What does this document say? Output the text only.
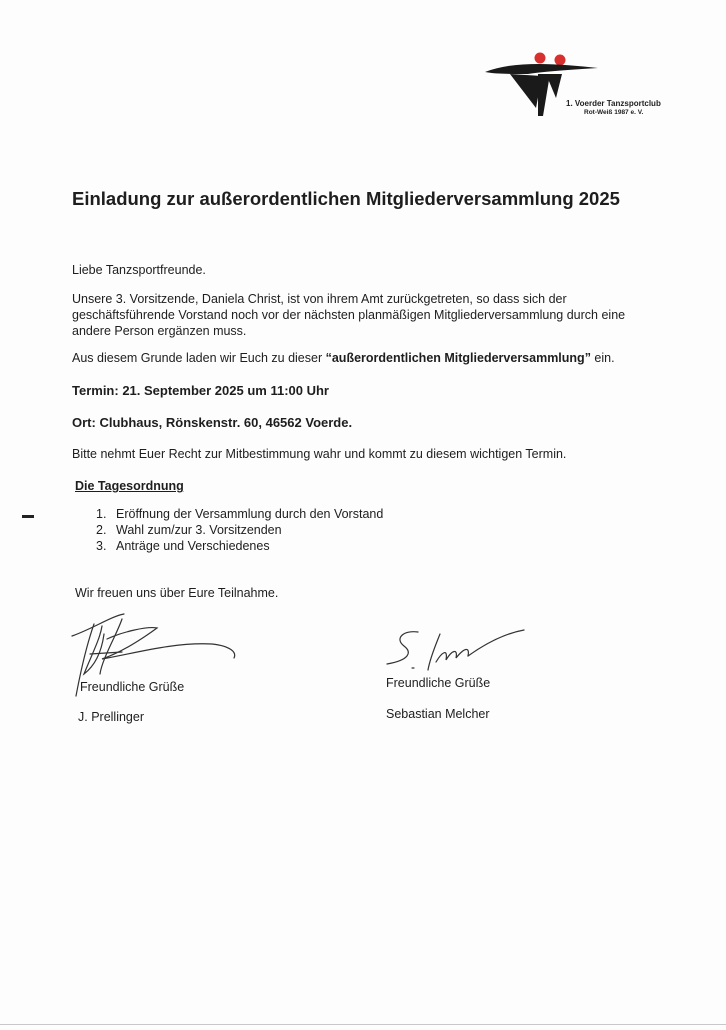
1. Voerder Tanzsportclub
Rot-Weiß 1987 e. V.
Einladung zur außerordentlichen Mitgliederversammlung 2025

Liebe Tanzsportfreunde.

Unsere 3. Vorsitzende, Daniela Christ, ist von ihrem Amt zurückgetreten, so dass sich der

geschäftsführende Vorstand noch vor der nächsten planmäßigen Mitgliederversammlung durch eine

andere Person ergänzen muss.

Aus diesem Grunde laden wir Euch zu dieser “außerordentlichen Mitgliederversammlung” ein.

Termin: 21. September 2025 um 11:00 Uhr

Ort: Clubhaus, Rönskenstr. 60, 46562 Voerde.

Bitte nehmt Euer Recht zur Mitbestimmung wahr und kommt zu diesem wichtigen Termin.

Die Tagesordnung

1. Eröffnung der Versammlung durch den Vorstand
2. Wahl zum/zur 3. Vorsitzenden
3. Anträge und Verschiedenes

Wir freuen uns über Eure Teilnahme.

Freundliche Grüße	Freundliche Grüße
J. Prellinger	Sebastian Melcher
